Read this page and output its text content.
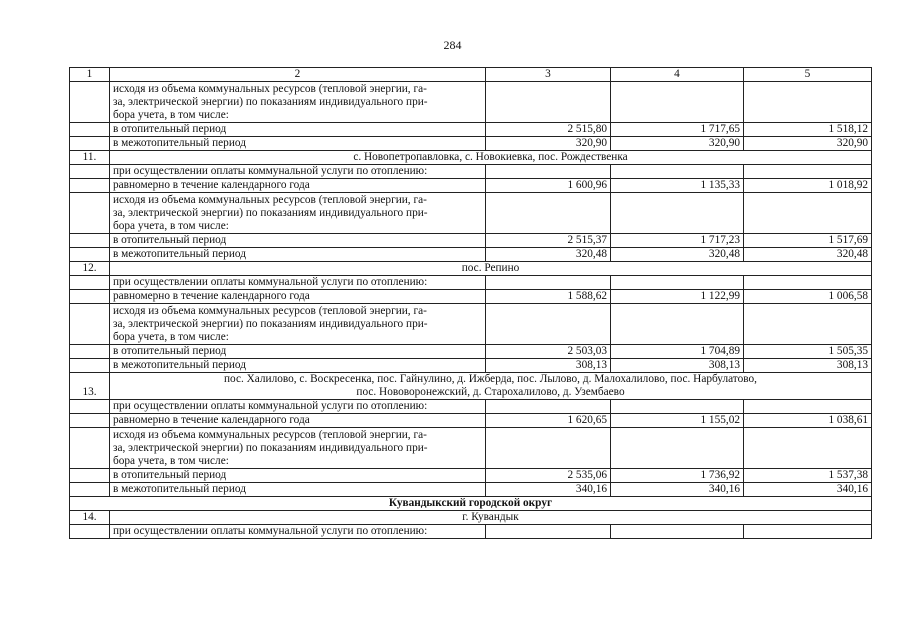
284
1	2	3	4	5
	исходя из объема коммунальных ресурсов (тепловой энергии, га-
за, электрической энергии) по показаниям индивидуального при-
бора учета, в том числе:			
	в отопительный период	2 515,80	1 717,65	1 518,12
	в межотопительный период	320,90	320,90	320,90
11.	с. Новопетропавловка, с. Новокиевка, пос. Рождественка			
	при осуществлении оплаты коммунальной услуги по отоплению:			
	равномерно в течение календарного года	1 600,96	1 135,33	1 018,92
	исходя из объема коммунальных ресурсов (тепловой энергии, га-
за, электрической энергии) по показаниям индивидуального при-
бора учета, в том числе:			
	в отопительный период	2 515,37	1 717,23	1 517,69
	в межотопительный период	320,48	320,48	320,48
12.	пос. Репино			
	при осуществлении оплаты коммунальной услуги по отоплению:			
	равномерно в течение календарного года	1 588,62	1 122,99	1 006,58
	исходя из объема коммунальных ресурсов (тепловой энергии, га-
за, электрической энергии) по показаниям индивидуального при-
бора учета, в том числе:			
	в отопительный период	2 503,03	1 704,89	1 505,35
	в межотопительный период	308,13	308,13	308,13
13.	пос. Халилово, с. Воскресенка, пос. Гайнулино, д. Ижберда, пос. Лылово, д. Малохалилово, пос. Нарбулатово,
пос. Нововоронежский, д. Старохалилово, д. Узембаево			
	при осуществлении оплаты коммунальной услуги по отоплению:			
	равномерно в течение календарного года	1 620,65	1 155,02	1 038,61
	исходя из объема коммунальных ресурсов (тепловой энергии, га-
за, электрической энергии) по показаниям индивидуального при-
бора учета, в том числе:			
	в отопительный период	2 535,06	1 736,92	1 537,38
	в межотопительный период	340,16	340,16	340,16
Кувандыкский городской округ				
14.	г. Кувандык			
	при осуществлении оплаты коммунальной услуги по отоплению:			
